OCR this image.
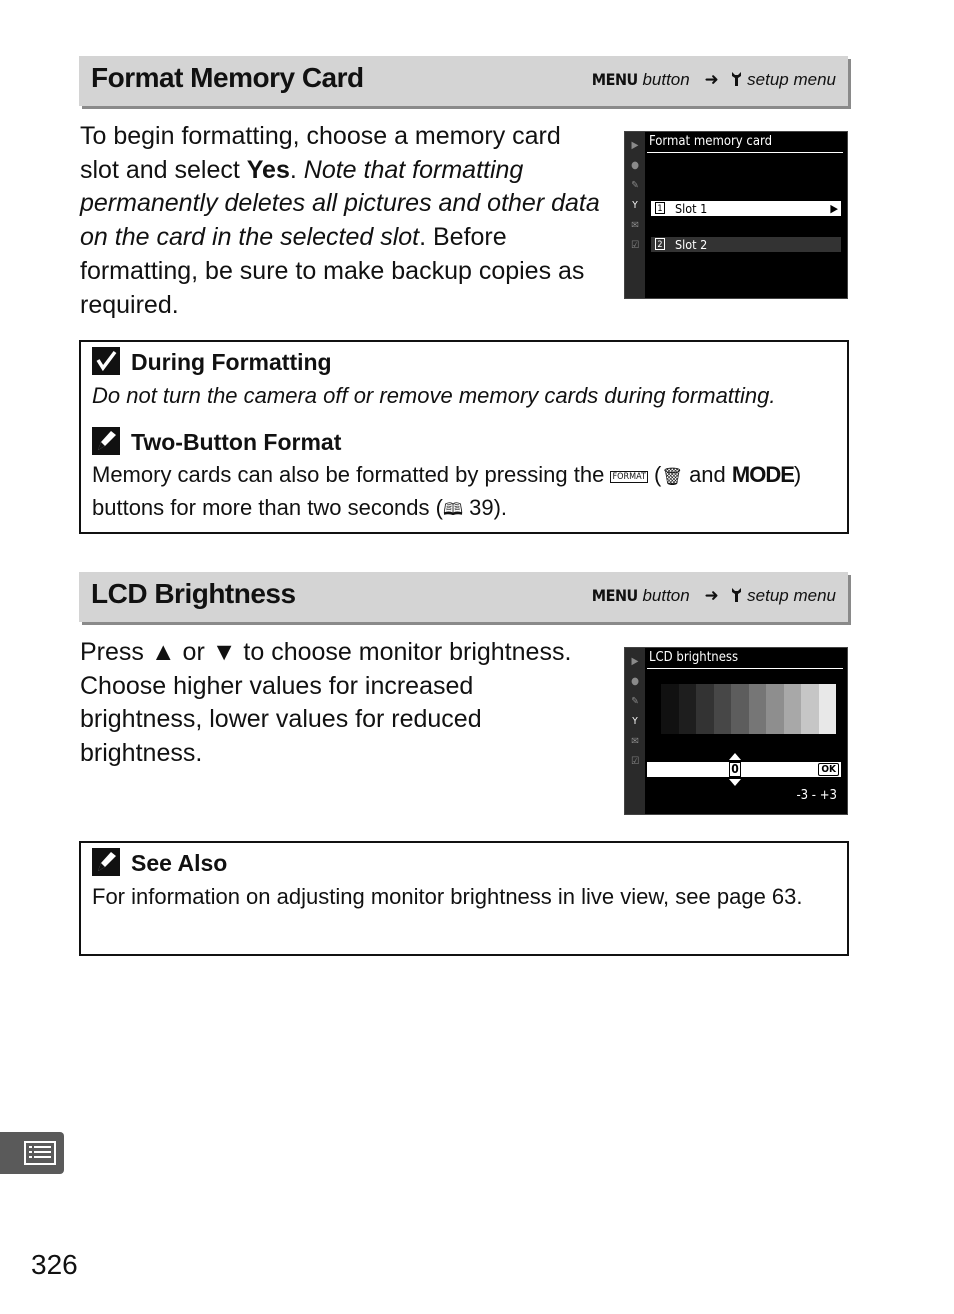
Format Memory Card	MENU button ➜ setup menu
To begin formatting, choose a memory card slot and select Yes. Note that formatting permanently deletes all pictures and other data on the card in the selected slot. Before formatting, be sure to make backup copies as required.
▶
●
✎
Y
✉
☑
Format memory card
1 Slot 1	▶
2 Slot 2
During Formatting
Do not turn the camera off or remove memory cards during formatting.
Two-Button Format
Memory cards can also be formatted by pressing the FORMAT (🗑 and MODE) buttons for more than two seconds (🕮 39).
LCD Brightness	MENU button ➜ setup menu
Press ▲ or ▼ to choose monitor brightness. Choose higher values for increased brightness, lower values for reduced brightness.
▶
●
✎
Y
✉
☑
LCD brightness
0	OK
-3 - +3
See Also
For information on adjusting monitor brightness in live view, see page 63.
326
